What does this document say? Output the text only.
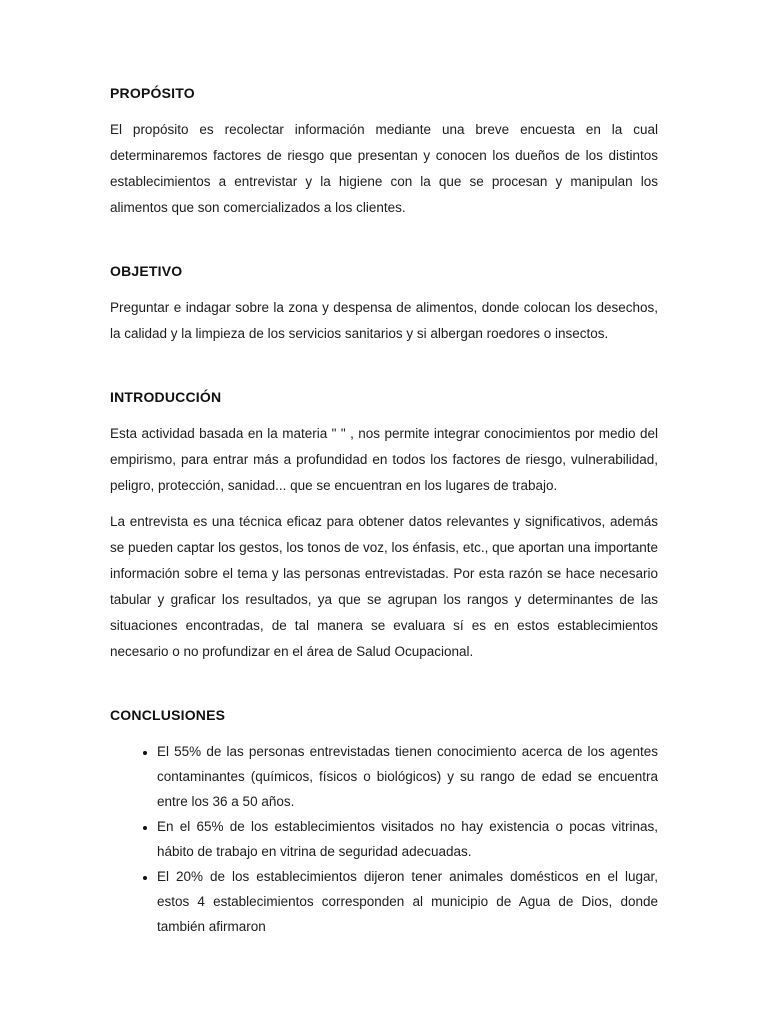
PROPÓSITO

El propósito es recolectar información mediante una breve encuesta en la cual determinaremos factores de riesgo que presentan y conocen los dueños de los distintos establecimientos a entrevistar y la higiene con la que se procesan y manipulan los alimentos que son comercializados a los clientes.

OBJETIVO

Preguntar e indagar sobre la zona y despensa de alimentos, donde colocan los desechos, la calidad y la limpieza de los servicios sanitarios y si albergan roedores o insectos.

INTRODUCCIÓN

Esta actividad basada en la materia " " , nos permite integrar conocimientos por medio del empirismo, para entrar más a profundidad en todos los factores de riesgo, vulnerabilidad, peligro, protección, sanidad... que se encuentran en los lugares de trabajo.

La entrevista es una técnica eficaz para obtener datos relevantes y significativos, además se pueden captar los gestos, los tonos de voz, los énfasis, etc., que aportan una importante información sobre el tema y las personas entrevistadas. Por esta razón se hace necesario tabular y graficar los resultados, ya que se agrupan los rangos y determinantes de las situaciones encontradas, de tal manera se evaluara sí es en estos establecimientos necesario o no profundizar en el área de Salud Ocupacional.

CONCLUSIONES
• El 55% de las personas entrevistadas tienen conocimiento acerca de los agentes contaminantes (químicos, físicos o biológicos) y su rango de edad se encuentra entre los 36 a 50 años.
• En el 65% de los establecimientos visitados no hay existencia o pocas vitrinas, hábito de trabajo en vitrina de seguridad adecuadas.
• El 20% de los establecimientos dijeron tener animales domésticos en el lugar, estos 4 establecimientos corresponden al municipio de Agua de Dios, donde también afirmaron
